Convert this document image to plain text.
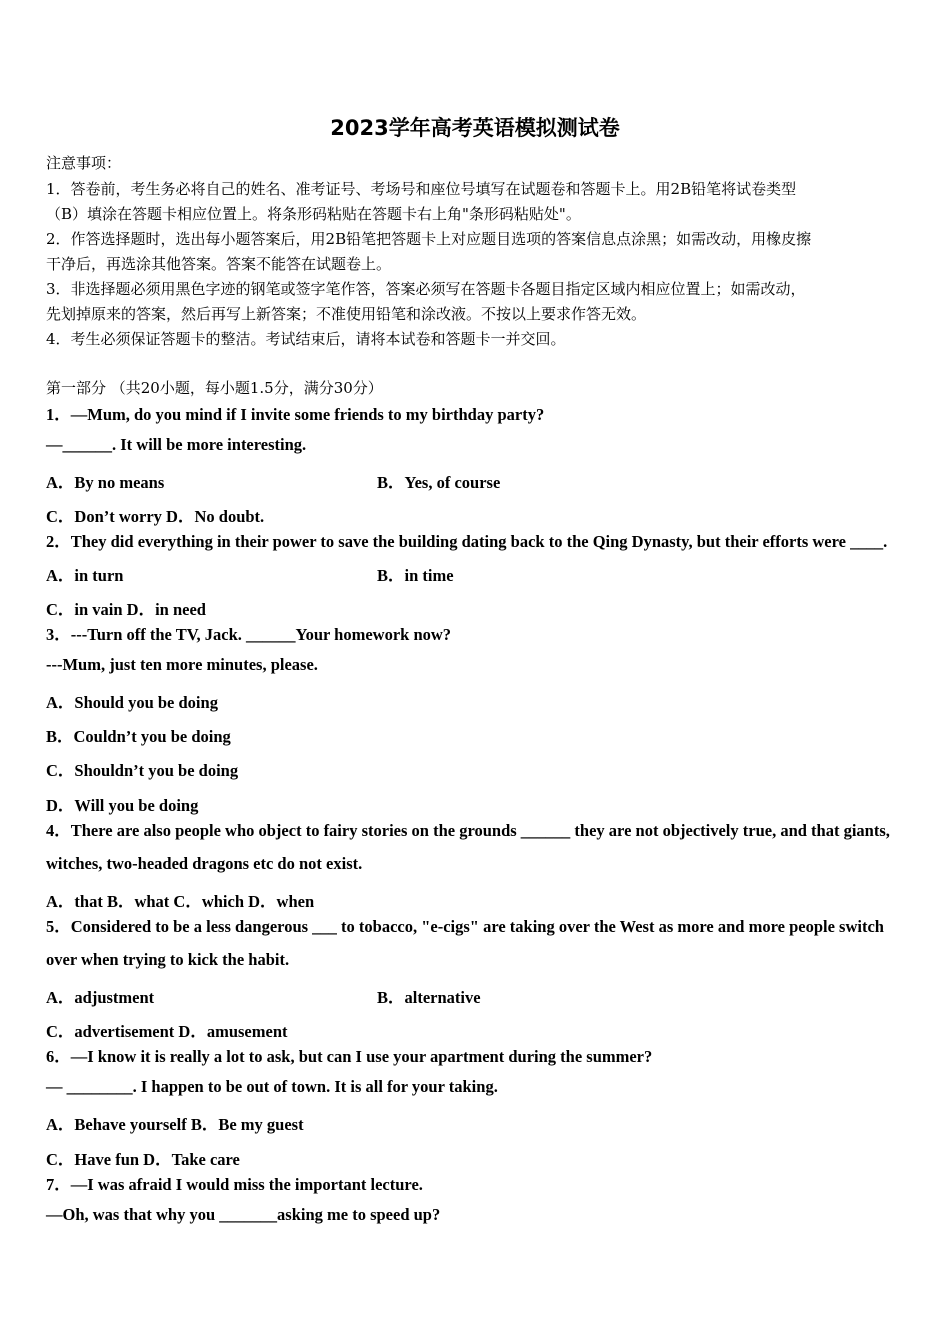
2023学年高考英语模拟测试卷
注意事项：
1．答卷前，考生务必将自己的姓名、准考证号、考场号和座位号填写在试题卷和答题卡上。用2B铅笔将试卷类型
（B）填涂在答题卡相应位置上。将条形码粘贴在答题卡右上角"条形码粘贴处"。
2．作答选择题时，选出每小题答案后，用2B铅笔把答题卡上对应题目选项的答案信息点涂黑；如需改动，用橡皮擦
干净后，再选涂其他答案。答案不能答在试题卷上。
3．非选择题必须用黑色字迹的钢笔或签字笔作答，答案必须写在答题卡各题目指定区域内相应位置上；如需改动，
先划掉原来的答案，然后再写上新答案；不准使用铅笔和涂改液。不按以上要求作答无效。
4．考生必须保证答题卡的整洁。考试结束后，请将本试卷和答题卡一并交回。
第一部分 （共20小题，每小题1.5分，满分30分）
1．—Mum, do you mind if I invite some friends to my birthday party?
—______. It will be more interesting.
A．By no means	B．Yes, of course
C．Don’t worry D．No doubt.
2．They did everything in their power to save the building dating back to the Qing Dynasty, but their efforts were ____.
A．in turn	B．in time
C．in vain D．in need
3．---Turn off the TV, Jack. ______Your homework now?
---Mum, just ten more minutes, please.
A．Should you be doing
B．Couldn’t you be doing
C．Shouldn’t you be doing
D．Will you be doing
4．There are also people who object to fairy stories on the grounds ______ they are not objectively true, and that giants,
witches, two-headed dragons etc do not exist.
A．that B．what C．which D．when
5．Considered to be a less dangerous ___ to tobacco, "e-cigs" are taking over the West as more and more people switch
over when trying to kick the habit.
A．adjustment	B．alternative
C．advertisement D．amusement
6．—I know it is really a lot to ask, but can I use your apartment during the summer?
— ________. I happen to be out of town. It is all for your taking.
A．Behave yourself B．Be my guest
C．Have fun D．Take care
7．—I was afraid I would miss the important lecture.
—Oh, was that why you _______asking me to speed up?
